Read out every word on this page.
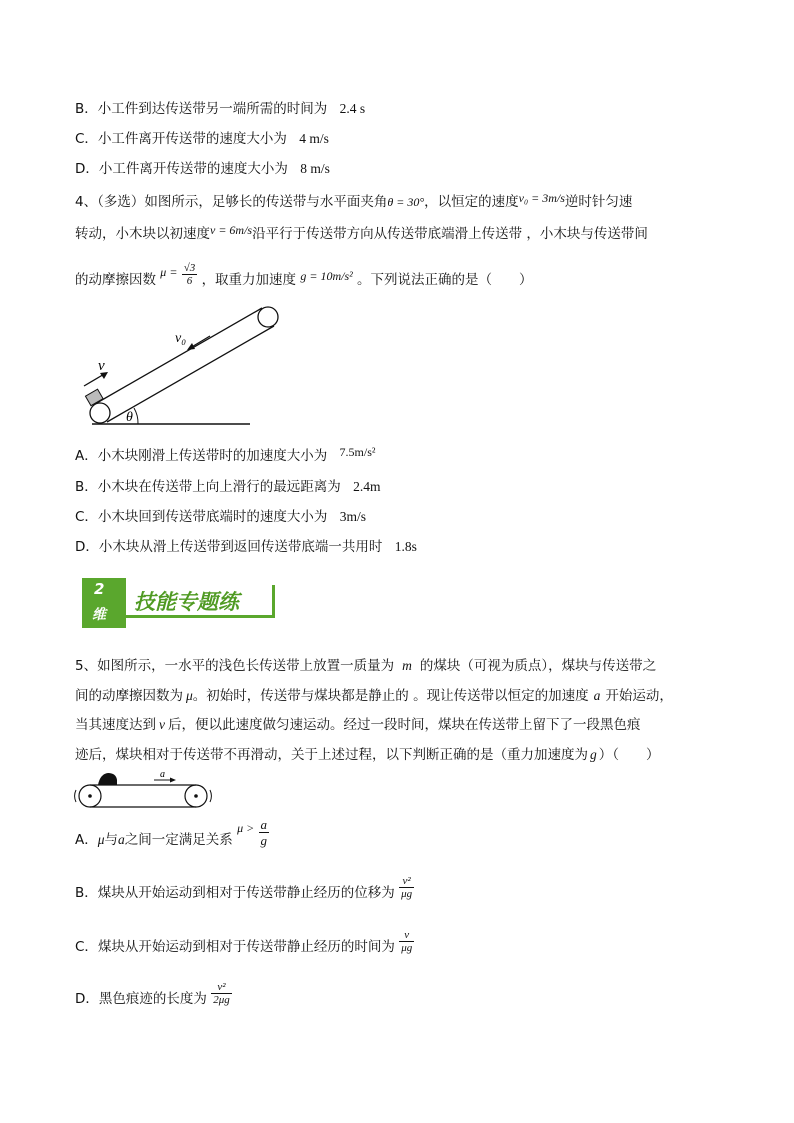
B．小工件到达传送带另一端所需的时间为 2.4 s
C．小工件离开传送带的速度大小为 4 m/s
D．小工件离开传送带的速度大小为 8 m/s
4、（多选）如图所示，足够长的传送带与水平面夹角θ = 30°，以恒定的速度v₀ = 3m/s逆时针匀速
转动，小木块以初速度v = 6m/s沿平行于传送带方向从传送带底端滑上传送带 ，小木块与传送带间
的动摩擦因数 $\mu = \frac{√3}{6}$ ，取重力加速度 g = 10m/s² 。下列说法正确的是（　　）
v
v₀
θ
A．小木块刚滑上传送带时的加速度大小为 7.5m/s²
B．小木块在传送带上向上滑行的最远距离为 2.4m
C．小木块回到传送带底端时的速度大小为 3m/s
D．小木块从滑上传送带到返回传送带底端一共用时 1.8s
2
维
技能专题练
5、如图所示，一水平的浅色长传送带上放置一质量为 m 的煤块（可视为质点），煤块与传送带之
间的动摩擦因数为 μ。初始时，传送带与煤块都是静止的 。现让传送带以恒定的加速度 a 开始运动，
当其速度达到 v 后，便以此速度做匀速运动。经过一段时间，煤块在传送带上留下了一段黑色痕
迹后，煤块相对于传送带不再滑动，关于上述过程，以下判断正确的是（重力加速度为 g ）（　　）
a
A．μ与a之间一定满足关系 $\mu > \frac{a}{g}$
B．煤块从开始运动到相对于传送带静止经历的位移为 $\frac{\text{v²}}{\mu g}$
C．煤块从开始运动到相对于传送带静止经历的时间为 $\frac{v}{\mu g}$
D．黑色痕迹的长度为 $\frac{\text{v²}}{2\mu g}$
